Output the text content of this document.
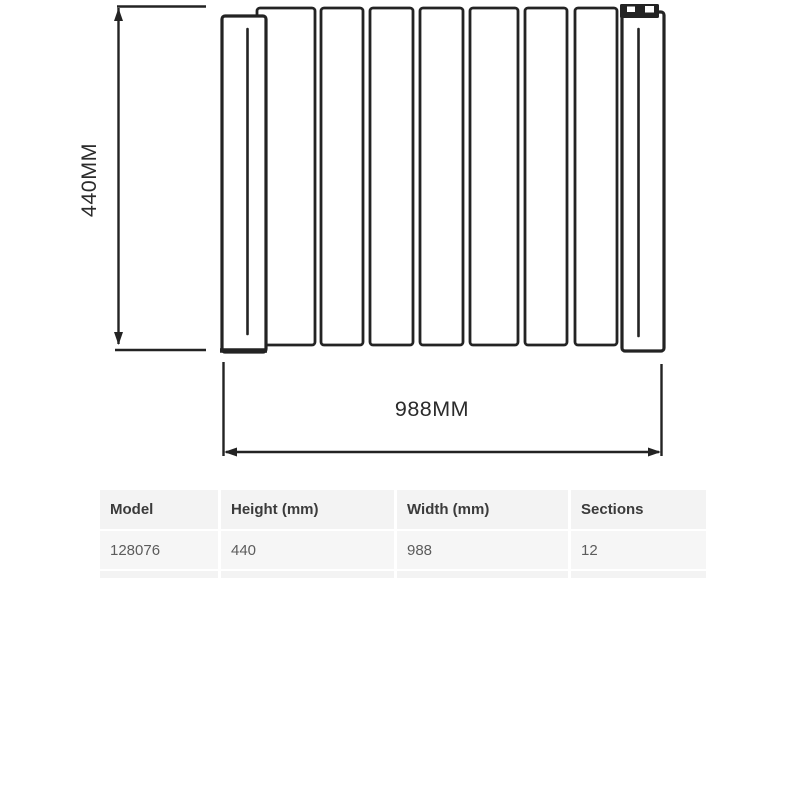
440MM
988MM
Model	Height (mm)	Width (mm)	Sections
128076	440	988	12
